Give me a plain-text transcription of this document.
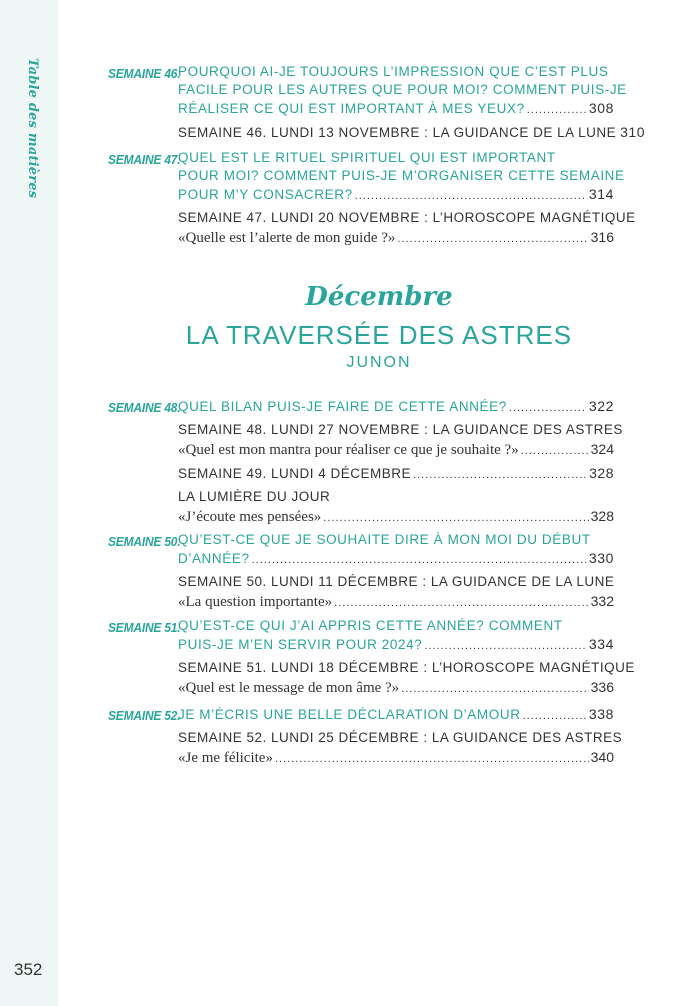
Table des matières
352
Décembre
LA TRAVERSÉE DES ASTRES
JUNON
SEMAINE 46.
POURQUOI AI-JE TOUJOURS L’IMPRESSION QUE C’EST PLUS
FACILE POUR LES AUTRES QUE POUR MOI? COMMENT PUIS-JE
RÉALISER CE QUI EST IMPORTANT À MES YEUX? .....	308
SEMAINE 46. LUNDI 13 NOVEMBRE : LA GUIDANCE DE LA LUNE 310
SEMAINE 47.
QUEL EST LE RITUEL SPIRITUEL QUI EST IMPORTANT
POUR MOI? COMMENT PUIS-JE M’ORGANISER CETTE SEMAINE
POUR M’Y CONSACRER? .....	314
SEMAINE 47. LUNDI 20 NOVEMBRE : L’HOROSCOPE MAGNÉTIQUE
«Quelle est l’alerte de mon guide ?» .....	316
SEMAINE 48.
QUEL BILAN PUIS-JE FAIRE DE CETTE ANNÉE? .....	322
SEMAINE 48. LUNDI 27 NOVEMBRE : LA GUIDANCE DES ASTRES
«Quel est mon mantra pour réaliser ce que je souhaite ?» .....	324
SEMAINE 49. LUNDI 4 DÉCEMBRE .....	328
LA LUMIÈRE DU JOUR
«J’écoute mes pensées» .....	328
SEMAINE 50.
QU’EST-CE QUE JE SOUHAITE DIRE À MON MOI DU DÉBUT
D’ANNÉE? .....	330
SEMAINE 50. LUNDI 11 DÉCEMBRE : LA GUIDANCE DE LA LUNE
«La question importante» .....	332
SEMAINE 51.
QU’EST-CE QUI J’AI APPRIS CETTE ANNÉE? COMMENT
PUIS-JE M’EN SERVIR POUR 2024? .....	334
SEMAINE 51. LUNDI 18 DÉCEMBRE : L’HOROSCOPE MAGNÉTIQUE
«Quel est le message de mon âme ?» .....	336
SEMAINE 52.
JE M’ÉCRIS UNE BELLE DÉCLARATION D’AMOUR .....	338
SEMAINE 52. LUNDI 25 DÉCEMBRE : LA GUIDANCE DES ASTRES
«Je me félicite» .....	340
